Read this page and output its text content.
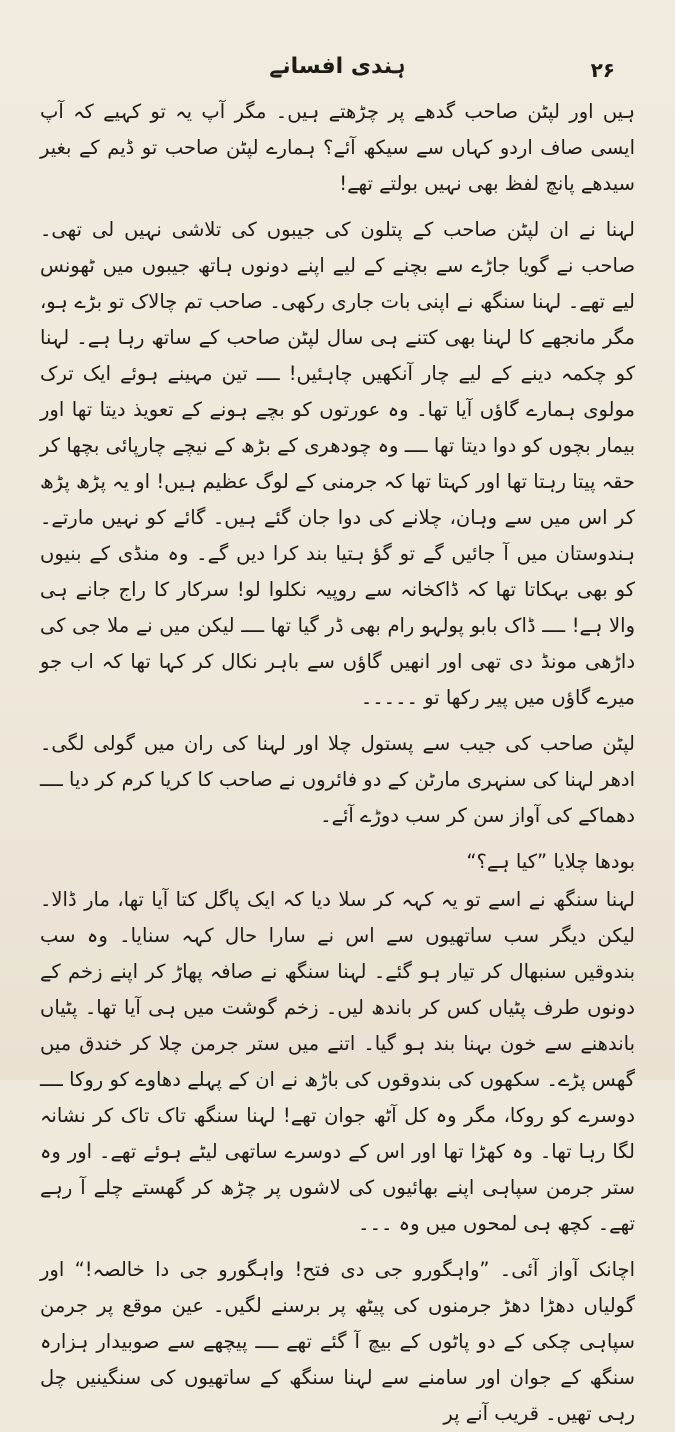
۲۶
ہندی افسانے

ہیں اور لپٹن صاحب گدھے پر چڑھتے ہیں۔ مگر آپ یہ تو کہیے کہ آپ ایسی صاف اردو کہاں سے سیکھ آئے؟ ہمارے لپٹن صاحب تو ڈیم کے بغیر سیدھے پانچ لفظ بھی نہیں بولتے تھے!

لہنا نے ان لپٹن صاحب کے پتلون کی جیبوں کی تلاشی نہیں لی تھی۔ صاحب نے گویا جاڑے سے بچنے کے لیے اپنے دونوں ہاتھ جیبوں میں ٹھونس لیے تھے۔ لہنا سنگھ نے اپنی بات جاری رکھی۔ صاحب تم چالاک تو بڑے ہو، مگر مانجھے کا لہنا بھی کتنے ہی سال لپٹن صاحب کے ساتھ رہا ہے۔ لہنا کو چکمہ دینے کے لیے چار آنکھیں چاہئیں! ــــ تین مہینے ہوئے ایک ترک مولوی ہمارے گاؤں آیا تھا۔ وہ عورتوں کو بچے ہونے کے تعویذ دیتا تھا اور بیمار بچوں کو دوا دیتا تھا ــــ وہ چودھری کے بڑھ کے نیچے چارپائی بچھا کر حقہ پیتا رہتا تھا اور کہتا تھا کہ جرمنی کے لوگ عظیم ہیں! او یہ پڑھ پڑھ کر اس میں سے وہان، چلانے کی دوا جان گئے ہیں۔ گائے کو نہیں مارتے۔ ہندوستان میں آ جائیں گے تو گؤ ہتیا بند کرا دیں گے۔ وہ منڈی کے بنیوں کو بھی بہکاتا تھا کہ ڈاکخانہ سے روپیہ نکلوا لو! سرکار کا راج جانے ہی والا ہے! ــــ ڈاک بابو پولہو رام بھی ڈر گیا تھا ــــ لیکن میں نے ملا جی کی داڑھی مونڈ دی تھی اور انھیں گاؤں سے باہر نکال کر کہا تھا کہ اب جو میرے گاؤں میں پیر رکھا تو ۔۔۔۔۔

لپٹن صاحب کی جیب سے پستول چلا اور لہنا کی ران میں گولی لگی۔ ادھر لہنا کی سنہری مارٹن کے دو فائروں نے صاحب کا کریا کرم کر دیا ــــ دھماکے کی آواز سن کر سب دوڑے آئے۔

بودھا چلایا ”کیا ہے؟“

لہنا سنگھ نے اسے تو یہ کہہ کر سلا دیا کہ ایک پاگل کتا آیا تھا، مار ڈالا۔ لیکن دیگر سب ساتھیوں سے اس نے سارا حال کہہ سنایا۔ وہ سب بندوقیں سنبھال کر تیار ہو گئے۔ لہنا سنگھ نے صافہ پھاڑ کر اپنے زخم کے دونوں طرف پٹیاں کس کر باندھ لیں۔ زخم گوشت میں ہی آیا تھا۔ پٹیاں باندھنے سے خون بہنا بند ہو گیا۔ اتنے میں ستر جرمن چلا کر خندق میں گھس پڑے۔ سکھوں کی بندوقوں کی باڑھ نے ان کے پہلے دھاوے کو روکا ــــ دوسرے کو روکا، مگر وہ کل آٹھ جوان تھے! لہنا سنگھ تاک تاک کر نشانہ لگا رہا تھا۔ وہ کھڑا تھا اور اس کے دوسرے ساتھی لیٹے ہوئے تھے۔ اور وہ ستر جرمن سپاہی اپنے بھائیوں کی لاشوں پر چڑھ کر گھستے چلے آ رہے تھے۔ کچھ ہی لمحوں میں وہ ۔۔۔

اچانک آواز آئی۔ ”واہگورو جی دی فتح! واہگورو جی دا خالصہ!“ اور گولیاں دھڑا دھڑ جرمنوں کی پیٹھ پر برسنے لگیں۔ عین موقع پر جرمن سپاہی چکی کے دو پاٹوں کے بیچ آ گئے تھے ــــ پیچھے سے صوبیدار ہزارہ سنگھ کے جوان اور سامنے سے لہنا سنگھ کے ساتھیوں کی سنگینیں چل رہی تھیں۔ قریب آنے پر
